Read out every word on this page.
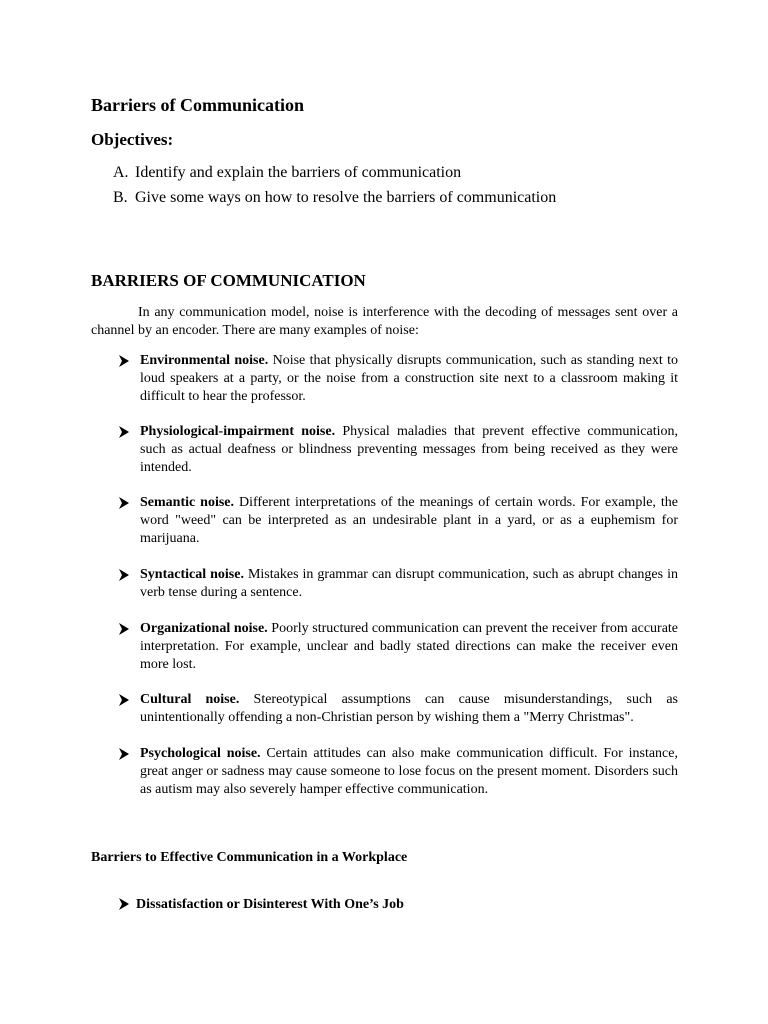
Barriers of Communication
Objectives:
A. Identify and explain the barriers of communication
B. Give some ways on how to resolve the barriers of communication
BARRIERS OF COMMUNICATION

In any communication model, noise is interference with the decoding of messages sent over a channel by an encoder. There are many examples of noise:

Environmental noise. Noise that physically disrupts communication, such as standing next to loud speakers at a party, or the noise from a construction site next to a classroom making it difficult to hear the professor.

Physiological-impairment noise. Physical maladies that prevent effective communication, such as actual deafness or blindness preventing messages from being received as they were intended.

Semantic noise. Different interpretations of the meanings of certain words. For example, the word "weed" can be interpreted as an undesirable plant in a yard, or as a euphemism for marijuana.

Syntactical noise. Mistakes in grammar can disrupt communication, such as abrupt changes in verb tense during a sentence.

Organizational noise. Poorly structured communication can prevent the receiver from accurate interpretation. For example, unclear and badly stated directions can make the receiver even more lost.

Cultural noise. Stereotypical assumptions can cause misunderstandings, such as unintentionally offending a non-Christian person by wishing them a "Merry Christmas".

Psychological noise. Certain attitudes can also make communication difficult. For instance, great anger or sadness may cause someone to lose focus on the present moment. Disorders such as autism may also severely hamper effective communication.

Barriers to Effective Communication in a Workplace
Dissatisfaction or Disinterest With One’s Job
